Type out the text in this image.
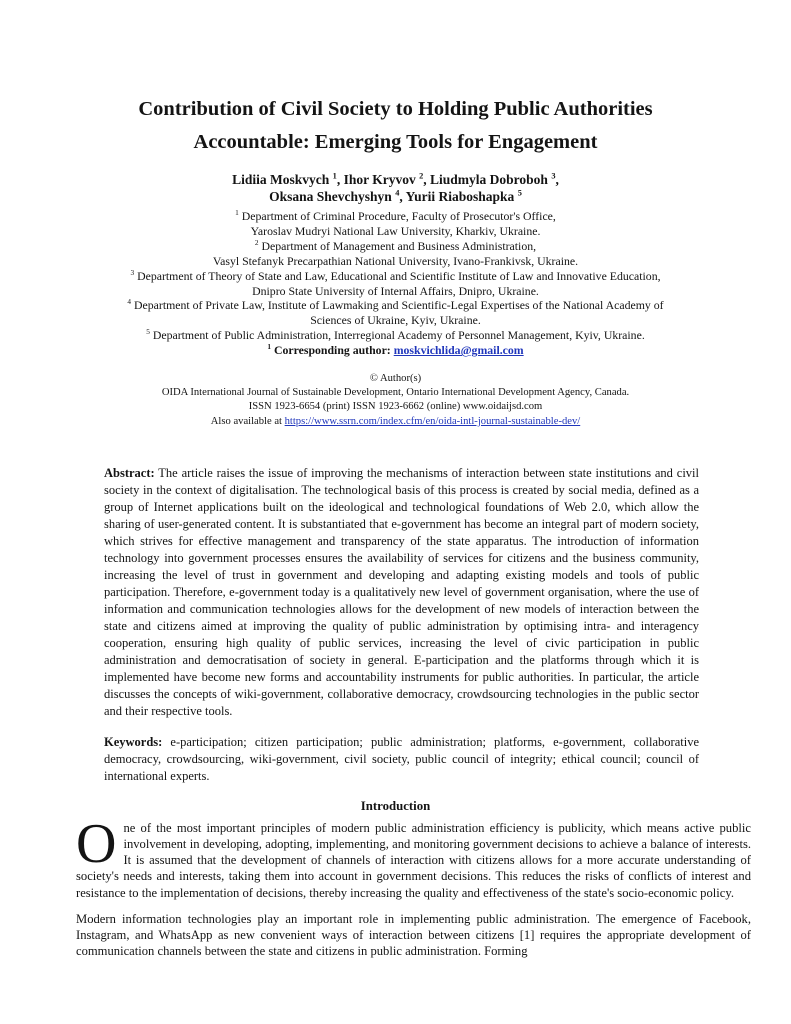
Contribution of Civil Society to Holding Public Authorities
Accountable: Emerging Tools for Engagement
Lidiia Moskvych $^1$, Ihor Kryvov $^2$, Liudmyla Dobroboh $^3$,
Oksana Shevchyshyn $^4$, Yurii Riaboshapka $^5$
$^1$ Department of Criminal Procedure, Faculty of Prosecutor's Office,
Yaroslav Mudryi National Law University, Kharkiv, Ukraine.
$^2$ Department of Management and Business Administration,
Vasyl Stefanyk Precarpathian National University, Ivano-Frankivsk, Ukraine.
$^3$ Department of Theory of State and Law, Educational and Scientific Institute of Law and Innovative Education,
Dnipro State University of Internal Affairs, Dnipro, Ukraine.
$^4$ Department of Private Law, Institute of Lawmaking and Scientific-Legal Expertises of the National Academy of
Sciences of Ukraine, Kyiv, Ukraine.
$^5$ Department of Public Administration, Interregional Academy of Personnel Management, Kyiv, Ukraine.
$^1$ Corresponding author: moskvichlida@gmail.com
© Author(s)
OIDA International Journal of Sustainable Development, Ontario International Development Agency, Canada.
ISSN 1923-6654 (print) ISSN 1923-6662 (online) www.oidaijsd.com
Also available at https://www.ssrn.com/index.cfm/en/oida-intl-journal-sustainable-dev/

Abstract: The article raises the issue of improving the mechanisms of interaction between state institutions and civil society in the context of digitalisation. The technological basis of this process is created by social media, defined as a group of Internet applications built on the ideological and technological foundations of Web 2.0, which allow the sharing of user-generated content. It is substantiated that e-government has become an integral part of modern society, which strives for effective management and transparency of the state apparatus. The introduction of information technology into government processes ensures the availability of services for citizens and the business community, increasing the level of trust in government and developing and adapting existing models and tools of public participation. Therefore, e-government today is a qualitatively new level of government organisation, where the use of information and communication technologies allows for the development of new models of interaction between the state and citizens aimed at improving the quality of public administration by optimising intra- and interagency cooperation, ensuring high quality of public services, increasing the level of civic participation in public administration and democratisation of society in general. E-participation and the platforms through which it is implemented have become new forms and accountability instruments for public authorities. In particular, the article discusses the concepts of wiki-government, collaborative democracy, crowdsourcing technologies in the public sector and their respective tools.

Keywords: e-participation; citizen participation; public administration; platforms, e-government, collaborative democracy, crowdsourcing, wiki-government, civil society, public council of integrity; ethical council; council of international experts.

Introduction

One of the most important principles of modern public administration efficiency is publicity, which means active public involvement in developing, adopting, implementing, and monitoring government decisions to achieve a balance of interests. It is assumed that the development of channels of interaction with citizens allows for a more accurate understanding of society's needs and interests, taking them into account in government decisions. This reduces the risks of conflicts of interest and resistance to the implementation of decisions, thereby increasing the quality and effectiveness of the state's socio-economic policy.

Modern information technologies play an important role in implementing public administration. The emergence of Facebook, Instagram, and WhatsApp as new convenient ways of interaction between citizens [1] requires the appropriate development of communication channels between the state and citizens in public administration. Forming
